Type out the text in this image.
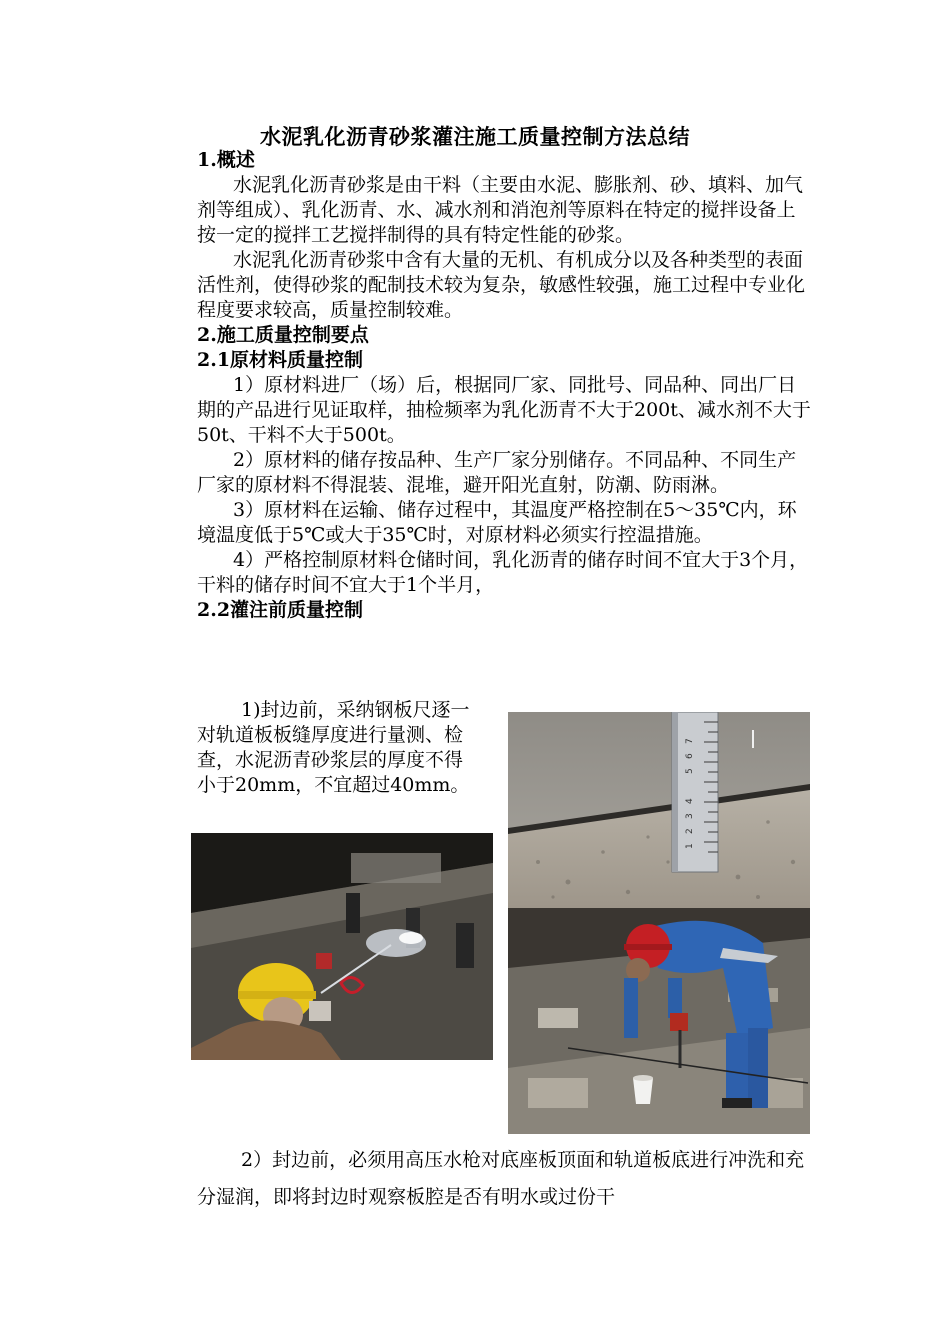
水泥乳化沥青砂浆灌注施工质量控制方法总结
1.概述

水泥乳化沥青砂浆是由干料（主要由水泥、膨胀剂、砂、填料、加气剂等组成）、乳化沥青、水、减水剂和消泡剂等原料在特定的搅拌设备上按一定的搅拌工艺搅拌制得的具有特定性能的砂浆。

水泥乳化沥青砂浆中含有大量的无机、有机成分以及各种类型的表面活性剂，使得砂浆的配制技术较为复杂，敏感性较强，施工过程中专业化程度要求较高，质量控制较难。

2.施工质量控制要点
2.1原材料质量控制

1）原材料进厂（场）后，根据同厂家、同批号、同品种、同出厂日期的产品进行见证取样，抽检频率为乳化沥青不大于200t、减水剂不大于50t、干料不大于500t。

2）原材料的储存按品种、生产厂家分别储存。不同品种、不同生产厂家的原材料不得混装、混堆，避开阳光直射，防潮、防雨淋。

3）原材料在运输、储存过程中，其温度严格控制在5～35℃内，环境温度低于5℃或大于35℃时，对原材料必须实行控温措施。

4）严格控制原材料仓储时间，乳化沥青的储存时间不宜大于3个月，干料的储存时间不宜大于1个半月，

2.2灌注前质量控制

1)封边前，采纳钢板尺逐一对轨道板板缝厚度进行量测、检查，水泥沥青砂浆层的厚度不得小于20mm，不宜超过40mm。

1
2
3
4
5
6
7

2）封边前，必须用高压水枪对底座板顶面和轨道板底进行冲洗和充分湿润，即将封边时观察板腔是否有明水或过份干
